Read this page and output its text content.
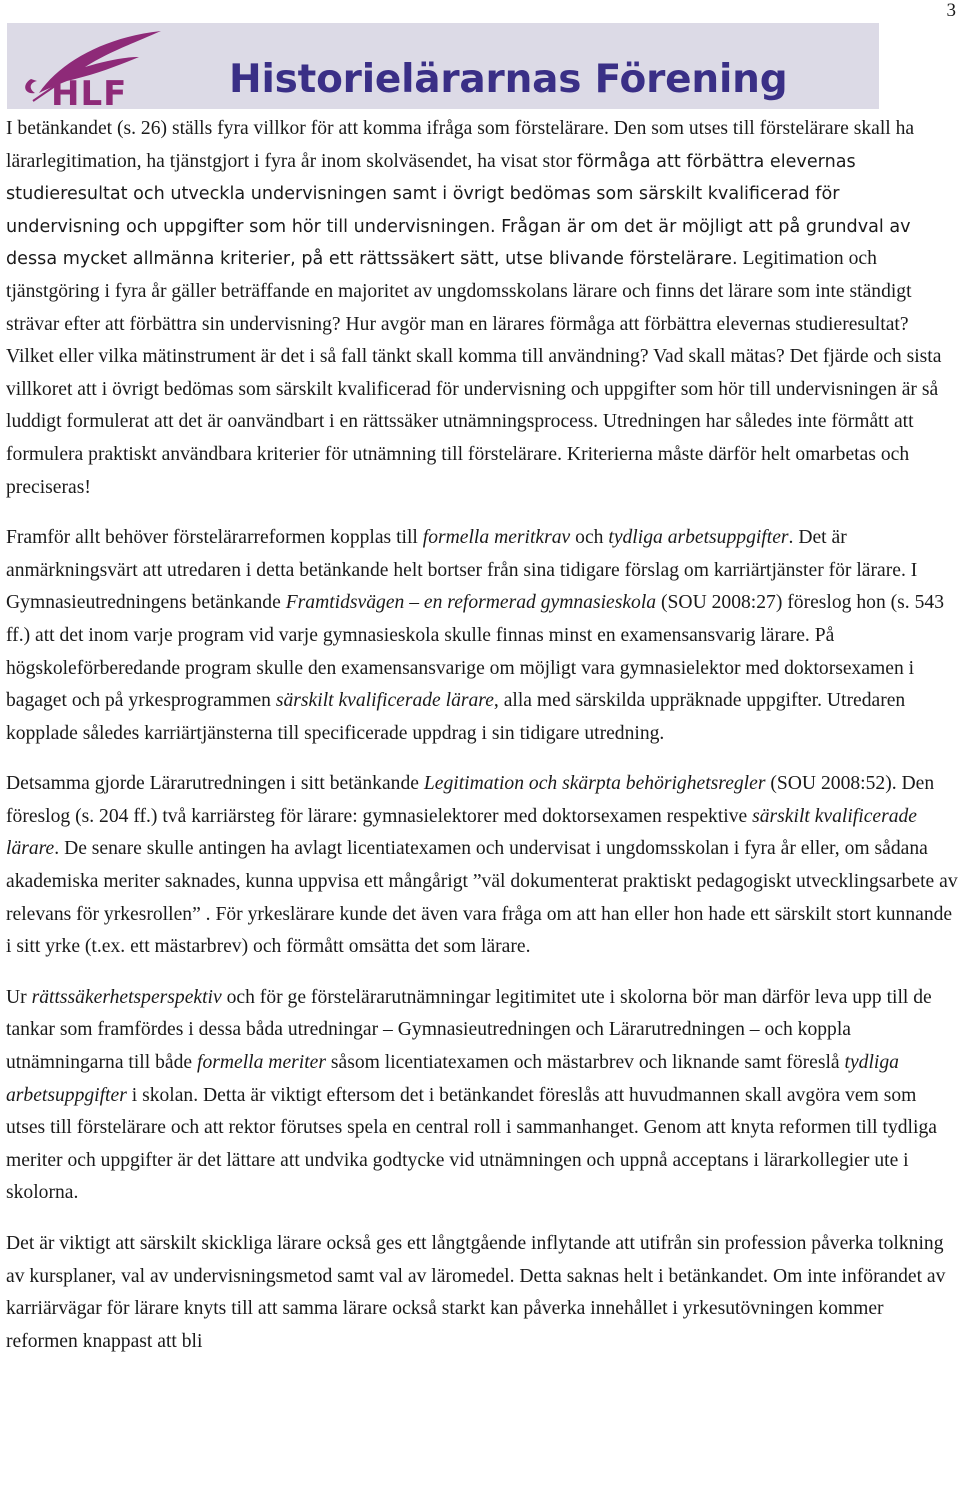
3
HLF	Historielärarnas Förening

I betänkandet (s. 26) ställs fyra villkor för att komma ifråga som förstelärare. Den som utses till förstelärare skall ha lärarlegitimation, ha tjänstgjort i fyra år inom skolväsendet, ha visat stor förmåga att förbättra elevernas studieresultat och utveckla undervisningen samt i övrigt bedömas som särskilt kvalificerad för undervisning och uppgifter som hör till undervisningen. Frågan är om det är möjligt att på grundval av dessa mycket allmänna kriterier, på ett rättssäkert sätt, utse blivande förstelärare. Legitimation och tjänstgöring i fyra år gäller beträffande en majoritet av ungdomsskolans lärare och finns det lärare som inte ständigt strävar efter att förbättra sin undervisning? Hur avgör man en lärares förmåga att förbättra elevernas studieresultat? Vilket eller vilka mätinstrument är det i så fall tänkt skall komma till användning? Vad skall mätas? Det fjärde och sista villkoret att i övrigt bedömas som särskilt kvalificerad för undervisning och uppgifter som hör till undervisningen är så luddigt formulerat att det är oanvändbart i en rättssäker utnämningsprocess. Utredningen har således inte förmått att formulera praktiskt användbara kriterier för utnämning till förstelärare. Kriterierna måste därför helt omarbetas och preciseras!

Framför allt behöver förstelärarreformen kopplas till formella meritkrav och tydliga arbetsuppgifter. Det är anmärkningsvärt att utredaren i detta betänkande helt bortser från sina tidigare förslag om karriärtjänster för lärare. I Gymnasieutredningens betänkande Framtidsvägen – en reformerad gymnasieskola (SOU 2008:27) föreslog hon (s. 543 ff.) att det inom varje program vid varje gymnasieskola skulle finnas minst en examensansvarig lärare. På högskoleförberedande program skulle den examensansvarige om möjligt vara gymnasielektor med doktorsexamen i bagaget och på yrkesprogrammen särskilt kvalificerade lärare, alla med särskilda uppräknade uppgifter. Utredaren kopplade således karriärtjänsterna till specificerade uppdrag i sin tidigare utredning.

Detsamma gjorde Lärarutredningen i sitt betänkande Legitimation och skärpta behörighetsregler (SOU 2008:52). Den föreslog (s. 204 ff.) två karriärsteg för lärare: gymnasielektorer med doktorsexamen respektive särskilt kvalificerade lärare. De senare skulle antingen ha avlagt licentiatexamen och undervisat i ungdomsskolan i fyra år eller, om sådana akademiska meriter saknades, kunna uppvisa ett mångårigt ”väl dokumenterat praktiskt pedagogiskt utvecklingsarbete av relevans för yrkesrollen” . För yrkeslärare kunde det även vara fråga om att han eller hon hade ett särskilt stort kunnande i sitt yrke (t.ex. ett mästarbrev) och förmått omsätta det som lärare.

Ur rättssäkerhetsperspektiv och för ge förstelärarutnämningar legitimitet ute i skolorna bör man därför leva upp till de tankar som framfördes i dessa båda utredningar – Gymnasieutredningen och Lärarutredningen – och koppla utnämningarna till både formella meriter såsom licentiatexamen och mästarbrev och liknande samt föreslå tydliga arbetsuppgifter i skolan. Detta är viktigt eftersom det i betänkandet föreslås att huvudmannen skall avgöra vem som utses till förstelärare och att rektor förutses spela en central roll i sammanhanget. Genom att knyta reformen till tydliga meriter och uppgifter är det lättare att undvika godtycke vid utnämningen och uppnå acceptans i lärarkollegier ute i skolorna.

Det är viktigt att särskilt skickliga lärare också ges ett långtgående inflytande att utifrån sin profession påverka tolkning av kursplaner, val av undervisningsmetod samt val av läromedel. Detta saknas helt i betänkandet. Om inte införandet av karriärvägar för lärare knyts till att samma lärare också starkt kan påverka innehållet i yrkesutövningen kommer reformen knappast att bli
